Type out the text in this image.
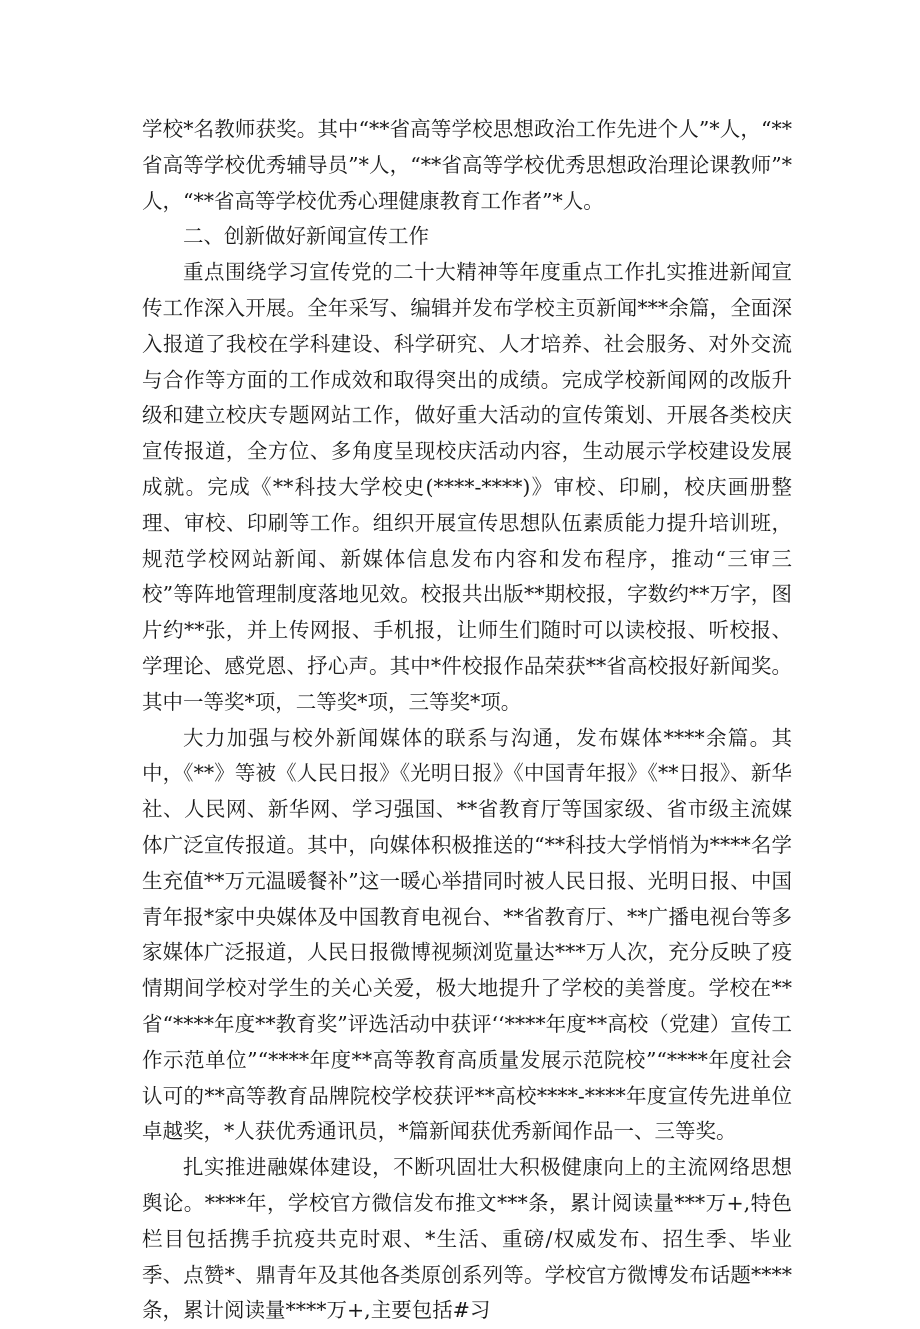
学校*名教师获奖。其中“**省高等学校思想政治工作先进个人”*人，“**省高等学校优秀辅导员”*人，“**省高等学校优秀思想政治理论课教师”*人，“**省高等学校优秀心理健康教育工作者”*人。

二、创新做好新闻宣传工作

重点围绕学习宣传党的二十大精神等年度重点工作扎实推进新闻宣传工作深入开展。全年采写、编辑并发布学校主页新闻***余篇，全面深入报道了我校在学科建设、科学研究、人才培养、社会服务、对外交流与合作等方面的工作成效和取得突出的成绩。完成学校新闻网的改版升级和建立校庆专题网站工作，做好重大活动的宣传策划、开展各类校庆宣传报道，全方位、多角度呈现校庆活动内容，生动展示学校建设发展成就。完成《**科技大学校史(****-****)》审校、印刷，校庆画册整理、审校、印刷等工作。组织开展宣传思想队伍素质能力提升培训班，规范学校网站新闻、新媒体信息发布内容和发布程序，推动“三审三校”等阵地管理制度落地见效。校报共出版**期校报，字数约**万字，图片约**张，并上传网报、手机报，让师生们随时可以读校报、听校报、学理论、感党恩、抒心声。其中*件校报作品荣获**省高校报好新闻奖。其中一等奖*项，二等奖*项，三等奖*项。

大力加强与校外新闻媒体的联系与沟通，发布媒体****余篇。其中，《**》等被《人民日报》《光明日报》《中国青年报》《**日报》、新华社、人民网、新华网、学习强国、**省教育厅等国家级、省市级主流媒体广泛宣传报道。其中，向媒体积极推送的“**科技大学悄悄为****名学生充值**万元温暖餐补”这一暖心举措同时被人民日报、光明日报、中国青年报*家中央媒体及中国教育电视台、**省教育厅、**广播电视台等多家媒体广泛报道，人民日报微博视频浏览量达***万人次，充分反映了疫情期间学校对学生的关心关爱，极大地提升了学校的美誉度。学校在**省“****年度**教育奖”评选活动中获评‘‘****年度**高校（党建）宣传工作示范单位”“****年度**高等教育高质量发展示范院校”“****年度社会认可的**高等教育品牌院校学校获评**高校****-****年度宣传先进单位卓越奖，*人获优秀通讯员，*篇新闻获优秀新闻作品一、三等奖。

扎实推进融媒体建设，不断巩固壮大积极健康向上的主流网络思想舆论。****年，学校官方微信发布推文***条，累计阅读量***万+,特色栏目包括携手抗疫共克时艰、*生活、重磅/权威发布、招生季、毕业季、点赞*、鼎青年及其他各类原创系列等。学校官方微博发布话题****条，累计阅读量****万+,主要包括#习
